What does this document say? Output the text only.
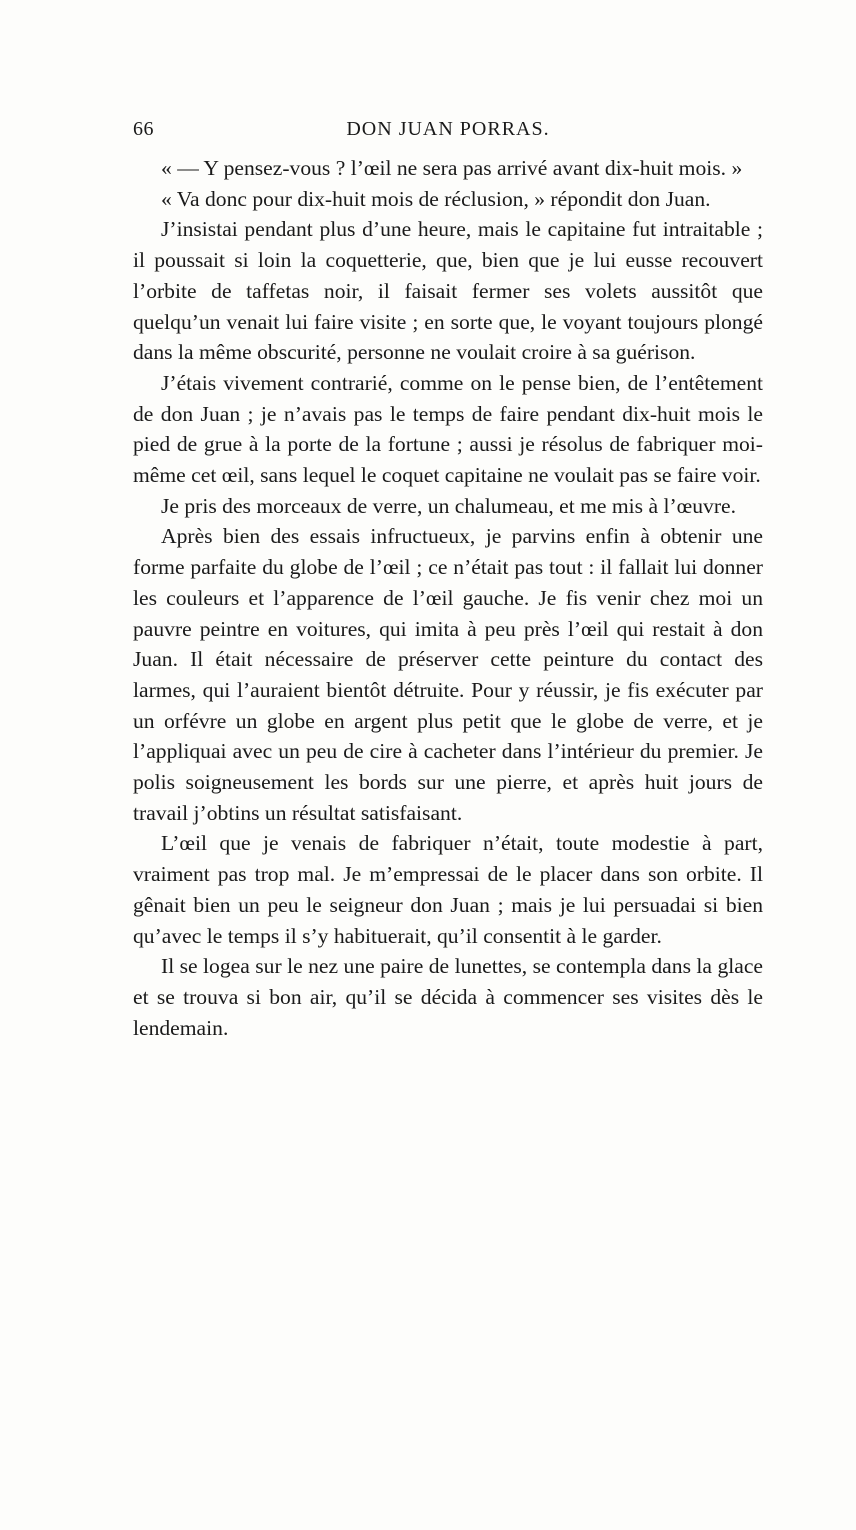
66	DON JUAN PORRAS.

« — Y pensez-vous ? l’œil ne sera pas arrivé avant dix-huit mois. »

« Va donc pour dix-huit mois de réclusion, » répondit don Juan.

J’insistai pendant plus d’une heure, mais le capitaine fut intraitable ; il poussait si loin la coquetterie, que, bien que je lui eusse recouvert l’orbite de taffetas noir, il faisait fermer ses volets aussitôt que quelqu’un venait lui faire visite ; en sorte que, le voyant toujours plongé dans la même obscurité, personne ne voulait croire à sa guérison.

J’étais vivement contrarié, comme on le pense bien, de l’entêtement de don Juan ; je n’avais pas le temps de faire pendant dix-huit mois le pied de grue à la porte de la fortune ; aussi je résolus de fabriquer moi-même cet œil, sans lequel le coquet capitaine ne voulait pas se faire voir.

Je pris des morceaux de verre, un chalumeau, et me mis à l’œuvre.

Après bien des essais infructueux, je parvins enfin à obtenir une forme parfaite du globe de l’œil ; ce n’était pas tout : il fallait lui donner les couleurs et l’apparence de l’œil gauche. Je fis venir chez moi un pauvre peintre en voitures, qui imita à peu près l’œil qui restait à don Juan. Il était nécessaire de préserver cette peinture du contact des larmes, qui l’auraient bientôt détruite. Pour y réussir, je fis exécuter par un orfévre un globe en argent plus petit que le globe de verre, et je l’appliquai avec un peu de cire à cacheter dans l’intérieur du premier. Je polis soigneusement les bords sur une pierre, et après huit jours de travail j’obtins un résultat satisfaisant.

L’œil que je venais de fabriquer n’était, toute modestie à part, vraiment pas trop mal. Je m’empressai de le placer dans son orbite. Il gênait bien un peu le seigneur don Juan ; mais je lui persuadai si bien qu’avec le temps il s’y habituerait, qu’il consentit à le garder.

Il se logea sur le nez une paire de lunettes, se contempla dans la glace et se trouva si bon air, qu’il se décida à commencer ses visites dès le lendemain.
